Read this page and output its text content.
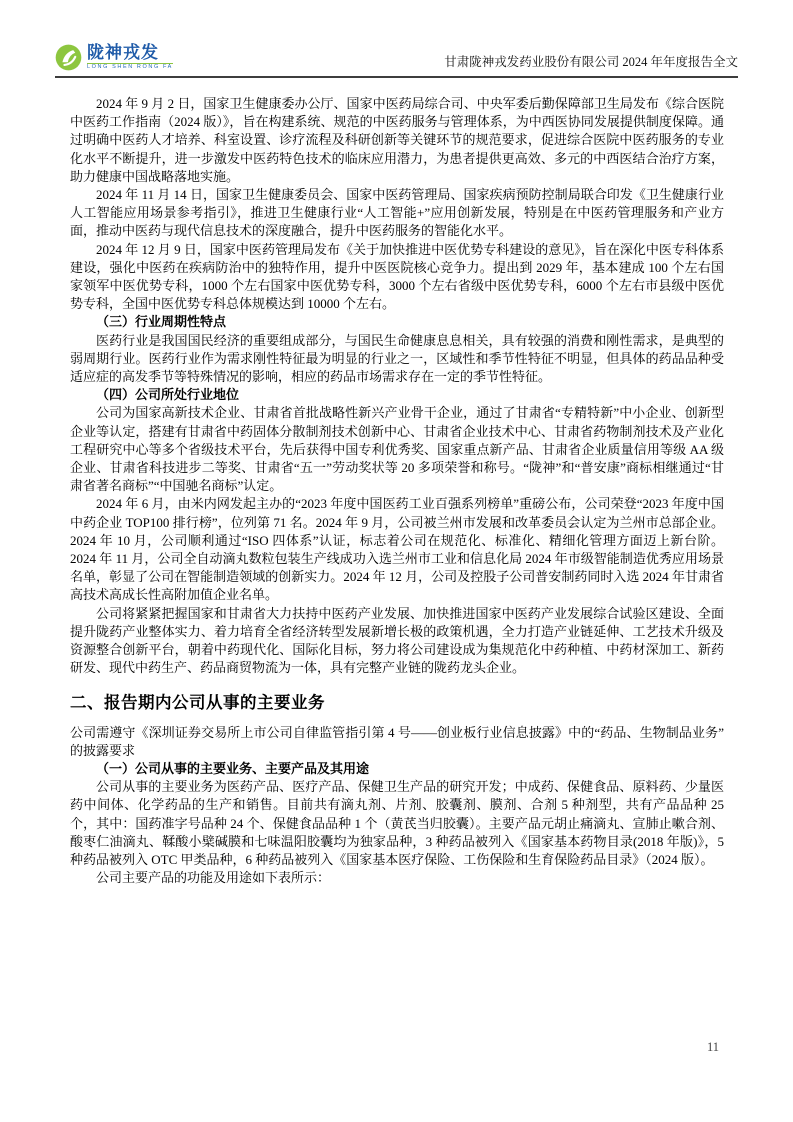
陇神戎发
LONG SHEN RONG FA	甘肃陇神戎发药业股份有限公司 2024 年年度报告全文

2024 年 9 月 2 日，国家卫生健康委办公厅、国家中医药局综合司、中央军委后勤保障部卫生局发布《综合医院中医药工作指南（2024 版）》，旨在构建系统、规范的中医药服务与管理体系，为中西医协同发展提供制度保障。通过明确中医药人才培养、科室设置、诊疗流程及科研创新等关键环节的规范要求，促进综合医院中医药服务的专业化水平不断提升，进一步激发中医药特色技术的临床应用潜力，为患者提供更高效、多元的中西医结合治疗方案，助力健康中国战略落地实施。

2024 年 11 月 14 日，国家卫生健康委员会、国家中医药管理局、国家疾病预防控制局联合印发《卫生健康行业人工智能应用场景参考指引》，推进卫生健康行业“人工智能+”应用创新发展，特别是在中医药管理服务和产业方面，推动中医药与现代信息技术的深度融合，提升中医药服务的智能化水平。

2024 年 12 月 9 日，国家中医药管理局发布《关于加快推进中医优势专科建设的意见》，旨在深化中医专科体系建设，强化中医药在疾病防治中的独特作用，提升中医医院核心竞争力。提出到 2029 年，基本建成 100 个左右国家领军中医优势专科，1000 个左右国家中医优势专科，3000 个左右省级中医优势专科，6000 个左右市县级中医优势专科，全国中医优势专科总体规模达到 10000 个左右。

（三）行业周期性特点

医药行业是我国国民经济的重要组成部分，与国民生命健康息息相关，具有较强的消费和刚性需求，是典型的弱周期行业。医药行业作为需求刚性特征最为明显的行业之一，区域性和季节性特征不明显，但具体的药品品种受适应症的高发季节等特殊情况的影响，相应的药品市场需求存在一定的季节性特征。

（四）公司所处行业地位

公司为国家高新技术企业、甘肃省首批战略性新兴产业骨干企业，通过了甘肃省“专精特新”中小企业、创新型企业等认定，搭建有甘肃省中药固体分散制剂技术创新中心、甘肃省企业技术中心、甘肃省药物制剂技术及产业化工程研究中心等多个省级技术平台，先后获得中国专利优秀奖、国家重点新产品、甘肃省企业质量信用等级 AA 级企业、甘肃省科技进步二等奖、甘肃省“五一”劳动奖状等 20 多项荣誉和称号。“陇神”和“普安康”商标相继通过“甘肃省著名商标”“中国驰名商标”认定。

2024 年 6 月，由米内网发起主办的“2023 年度中国医药工业百强系列榜单”重磅公布，公司荣登“2023 年度中国中药企业 TOP100 排行榜”，位列第 71 名。2024 年 9 月，公司被兰州市发展和改革委员会认定为兰州市总部企业。2024 年 10 月，公司顺利通过“ISO 四体系”认证，标志着公司在规范化、标准化、精细化管理方面迈上新台阶。2024 年 11 月，公司全自动滴丸数粒包装生产线成功入选兰州市工业和信息化局 2024 年市级智能制造优秀应用场景名单，彰显了公司在智能制造领域的创新实力。2024 年 12 月，公司及控股子公司普安制药同时入选 2024 年甘肃省高技术高成长性高附加值企业名单。

公司将紧紧把握国家和甘肃省大力扶持中医药产业发展、加快推进国家中医药产业发展综合试验区建设、全面提升陇药产业整体实力、着力培育全省经济转型发展新增长极的政策机遇，全力打造产业链延伸、工艺技术升级及资源整合创新平台，朝着中药现代化、国际化目标，努力将公司建设成为集规范化中药种植、中药材深加工、新药研发、现代中药生产、药品商贸物流为一体，具有完整产业链的陇药龙头企业。

二、报告期内公司从事的主要业务

公司需遵守《深圳证券交易所上市公司自律监管指引第 4 号——创业板行业信息披露》中的“药品、生物制品业务”的披露要求

（一）公司从事的主要业务、主要产品及其用途

公司从事的主要业务为医药产品、医疗产品、保健卫生产品的研究开发；中成药、保健食品、原料药、少量医药中间体、化学药品的生产和销售。目前共有滴丸剂、片剂、胶囊剂、膜剂、合剂 5 种剂型，共有产品品种 25 个，其中：国药准字号品种 24 个、保健食品品种 1 个（黄芪当归胶囊）。主要产品元胡止痛滴丸、宣肺止嗽合剂、酸枣仁油滴丸、鞣酸小檗碱膜和七味温阳胶囊均为独家品种，3 种药品被列入《国家基本药物目录(2018 年版)》，5 种药品被列入 OTC 甲类品种，6 种药品被列入《国家基本医疗保险、工伤保险和生育保险药品目录》（2024 版）。

公司主要产品的功能及用途如下表所示：

11
